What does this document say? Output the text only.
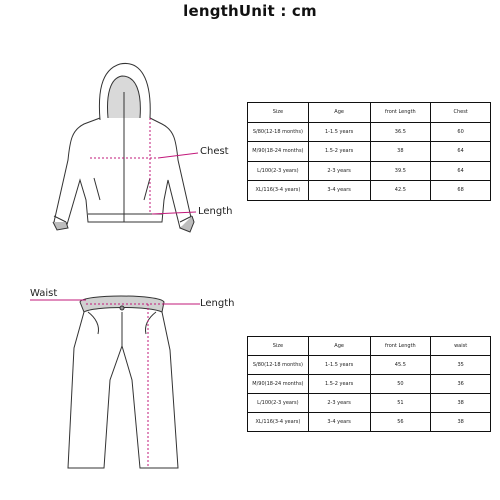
lengthUnit : cm
Chest
Length
Waist
Length
Size	Age	front Length	Chest
S/80(12-18 months)	1-1.5 years	36.5	60
M/90(18-24 months)	1.5-2 years	38	64
L/100(2-3 years)	2-3 years	39.5	64
XL/116(3-4 years)	3-4 years	42.5	68
Size	Age	front Length	waist
S/80(12-18 months)	1-1.5 years	45.5	35
M/90(18-24 months)	1.5-2 years	50	36
L/100(2-3 years)	2-3 years	51	38
XL/116(3-4 years)	3-4 years	56	38
